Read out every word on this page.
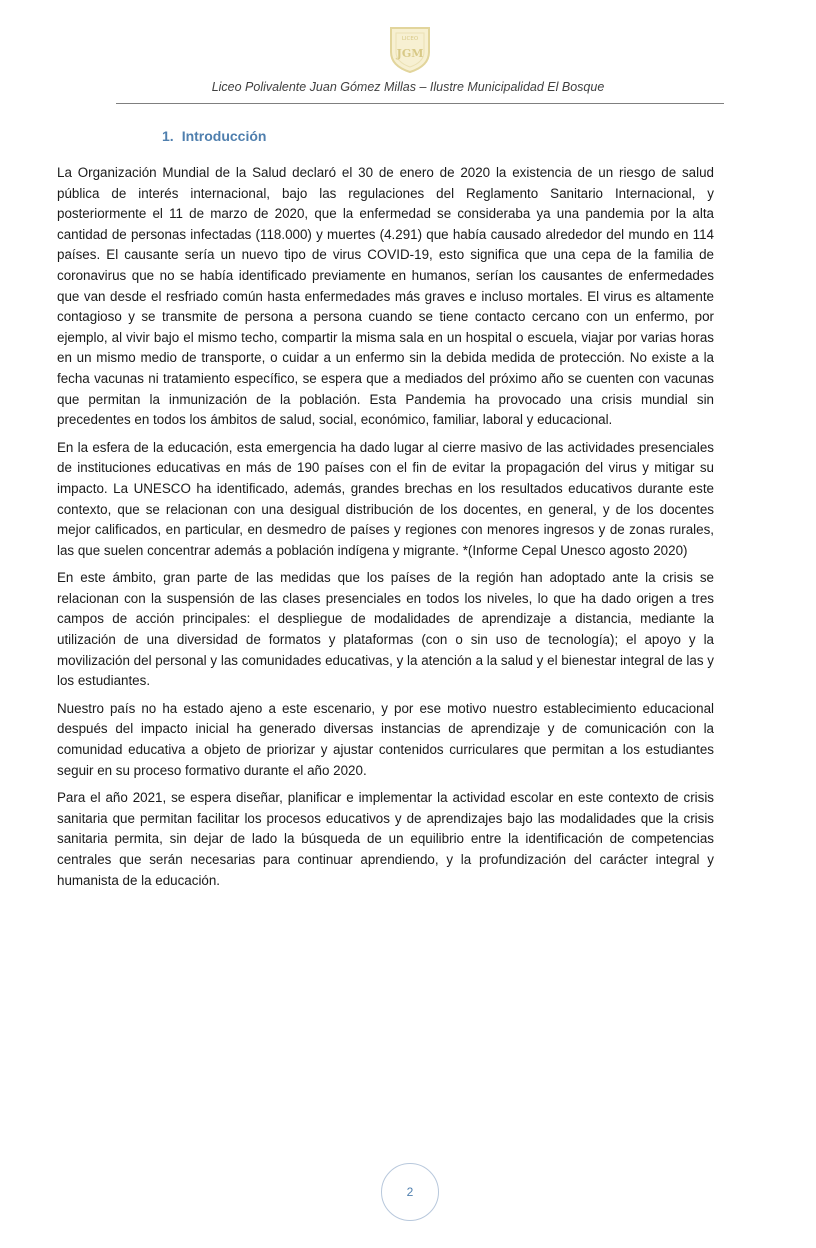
LICEO
JGM
Liceo Polivalente Juan Gómez Millas – Ilustre Municipalidad El Bosque
1. Introducción

La Organización Mundial de la Salud declaró el 30 de enero de 2020 la existencia de un riesgo de salud pública de interés internacional, bajo las regulaciones del Reglamento Sanitario Internacional, y posteriormente el 11 de marzo de 2020, que la enfermedad se consideraba ya una pandemia por la alta cantidad de personas infectadas (118.000) y muertes (4.291) que había causado alrededor del mundo en 114 países. El causante sería un nuevo tipo de virus COVID-19, esto significa que una cepa de la familia de coronavirus que no se había identificado previamente en humanos, serían los causantes de enfermedades que van desde el resfriado común hasta enfermedades más graves e incluso mortales. El virus es altamente contagioso y se transmite de persona a persona cuando se tiene contacto cercano con un enfermo, por ejemplo, al vivir bajo el mismo techo, compartir la misma sala en un hospital o escuela, viajar por varias horas en un mismo medio de transporte, o cuidar a un enfermo sin la debida medida de protección. No existe a la fecha vacunas ni tratamiento específico, se espera que a mediados del próximo año se cuenten con vacunas que permitan la inmunización de la población. Esta Pandemia ha provocado una crisis mundial sin precedentes en todos los ámbitos de salud, social, económico, familiar, laboral y educacional.

En la esfera de la educación, esta emergencia ha dado lugar al cierre masivo de las actividades presenciales de instituciones educativas en más de 190 países con el fin de evitar la propagación del virus y mitigar su impacto. La UNESCO ha identificado, además, grandes brechas en los resultados educativos durante este contexto, que se relacionan con una desigual distribución de los docentes, en general, y de los docentes mejor calificados, en particular, en desmedro de países y regiones con menores ingresos y de zonas rurales, las que suelen concentrar además a población indígena y migrante. *(Informe Cepal Unesco agosto 2020)

En este ámbito, gran parte de las medidas que los países de la región han adoptado ante la crisis se relacionan con la suspensión de las clases presenciales en todos los niveles, lo que ha dado origen a tres campos de acción principales: el despliegue de modalidades de aprendizaje a distancia, mediante la utilización de una diversidad de formatos y plataformas (con o sin uso de tecnología); el apoyo y la movilización del personal y las comunidades educativas, y la atención a la salud y el bienestar integral de las y los estudiantes.

Nuestro país no ha estado ajeno a este escenario, y por ese motivo nuestro establecimiento educacional después del impacto inicial ha generado diversas instancias de aprendizaje y de comunicación con la comunidad educativa a objeto de priorizar y ajustar contenidos curriculares que permitan a los estudiantes seguir en su proceso formativo durante el año 2020.

Para el año 2021, se espera diseñar, planificar e implementar la actividad escolar en este contexto de crisis sanitaria que permitan facilitar los procesos educativos y de aprendizajes bajo las modalidades que la crisis sanitaria permita, sin dejar de lado la búsqueda de un equilibrio entre la identificación de competencias centrales que serán necesarias para continuar aprendiendo, y la profundización del carácter integral y humanista de la educación.

2
